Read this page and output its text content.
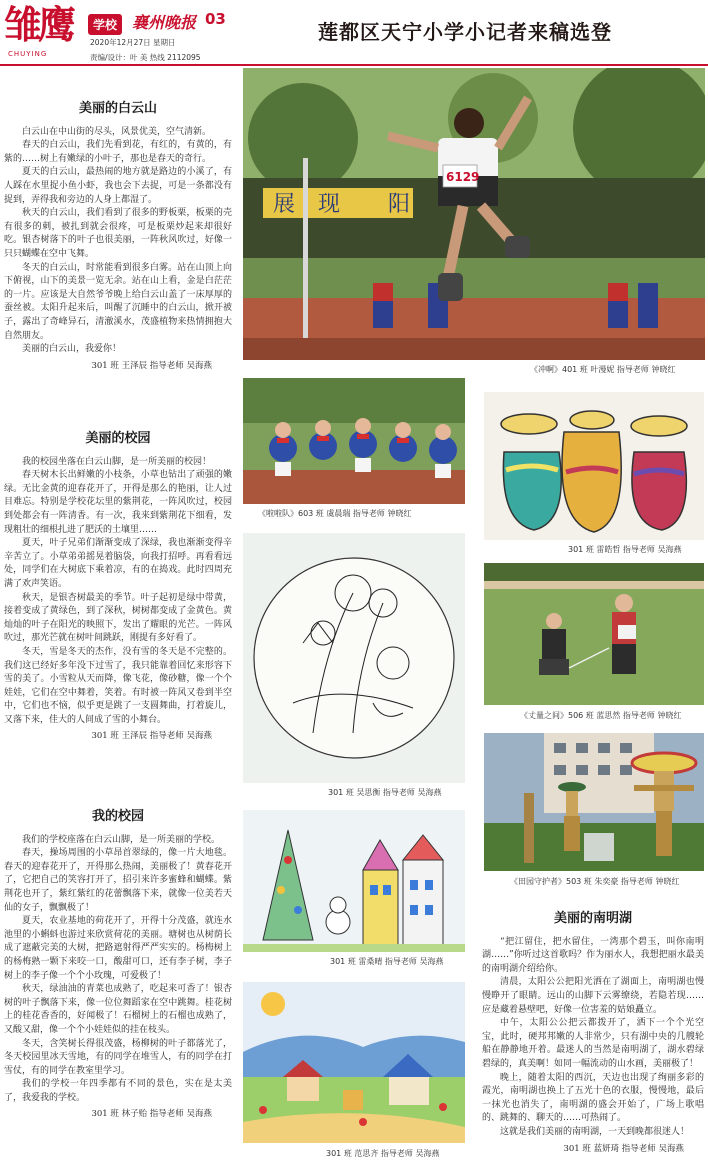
雏鹰
CHUYING
学校 襄州晚报 03
2020年12月27日 星期日
责编/设计：叶 美 热线 2112095
莲都区天宁小学小记者来稿选登
美丽的白云山

白云山在中山街的尽头，风景优美，空气清新。

春天的白云山，我们先看到花，有红的，有黄的，有紫的……树上有嫩绿的小叶子，那也是春天的奇行。

夏天的白云山，最热闹的地方就是路边的小溪了，有人踩在水里捉小鱼小虾，我也会下去捉，可是一条都没有捉到，弄得我和旁边的人身上都湿了。

秋天的白云山，我们看到了很多的野板栗，板栗的壳有很多的刺，被扎到就会很疼，可是板栗炒起来却很好吃。银杏树落下的叶子也很美丽，一阵秋风吹过，好像一只只蝴蝶在空中飞舞。

冬天的白云山，时常能看到很多白雾。站在山顶上向下俯视，山下的美景一览无余。站在山上看，金是白茫茫的一片。应该是大自然爷爷晚上给白云山盖了一床厚厚的蚕丝被。太阳升起来后，叫醒了沉睡中的白云山，掀开被子，露出了奇峰异石，清澈溪水，茂盛植物来热情拥抱大自然朋友。

美丽的白云山，我爱你！

301 班 王泽辰 指导老师 吴海燕
美丽的校园

我的校园坐落在白云山脚，是一所美丽的校园！

春天树木长出鲜嫩的小枝条，小草也钻出了顽强的嫩绿。无比金黄的迎春花开了，开得是那么的艳丽，让人过目难忘。特别是学校花坛里的紫荆花，一阵风吹过，校园到处都会有一阵清香。有一次，我来到紫荆花下细看，发现粗壮的细根扎进了肥沃的土壤里……

夏天，叶子兄弟们渐渐变成了深绿，我也渐渐变得辛辛苦立了。小草弟弟摇晃着脑袋，向我打招呼。再看看远处，同学们在大树底下乘着凉，有的在捣戏。此时四周充满了欢声笑语。

秋天，是银杏树最美的季节。叶子起初是绿中带黄，接着变成了黄绿色，到了深秋，树树都变成了金黄色。黄灿灿的叶子在阳光的映照下，发出了耀眼的光芒。一阵风吹过，那光芒就在树叶间跳跃，刚提有多好看了。

冬天，雪是冬天的杰作，没有雪的冬天是不完整的。我们这已经好多年没下过雪了，我只能靠着回忆来形容下雪的美了。小雪粒从天而降，像飞花，像砂糖，像一个个娃娃，它们在空中舞着，笑着。有时被一阵风又卷到半空中，它们也不恼，似乎更是跳了一支圆舞曲，打着旋儿，又落下来，佳大的人间成了雪的小舞台。

301 班 王泽辰 指导老师 吴海燕
我的校园

我们的学校座落在白云山脚，是一所美丽的学校。

春天，操场周围的小草昂首翠绿的，像一片大地毯。春天的迎春花开了，开得那么热闹，美丽极了！黄春花开了，它把自己的笑容打开了，招引来许多蜜蜂和蝴蝶。紫荆花也开了，紫红紫红的花蕾飘落下来，就像一位美若天仙的女子，飘飘极了！

夏天，农业基地的荷花开了，开得十分茂盛，就连水池里的小蝌蚪也游过来欣赏荷花的美丽。塘树也从树荫长成了遮蔽完美的大树，把路遮射得严严实实的。杨梅树上的杨梅熟一颗下来咬一口，酸甜可口，还有李子树，李子树上的李子像一个个小玫瑰，可爱极了！

秋天，绿油油的青菜也成熟了，吃起来可香了！银杏树的叶子飘落下来，像一位位舞蹈家在空中跳舞。桂花树上的桂花香香的，好闻极了！石榴树上的石榴也成熟了，又酸又甜，像一个个小娃娃似的挂在枝头。

冬天，含笑树长得很茂盛，杨柳树的叶子都落光了，冬天校园里冰天雪地，有的同学在堆雪人，有的同学在打雪仗，有的同学在教室里学习。

我们的学校一年四季都有不同的景色，实在是太美了，我爱我的学校。

301 班 林子贻 指导老师 吴海燕
展 现 阳
6129
《冲啊》401 班 叶漫妮 指导老师 钟晓红
《啦啦队》603 班 虞晨瑞 指导老师 钟晓红
301 班 雷皓哲 指导老师 吴海燕
301 班 吴思衡 指导老师 吴海燕
《丈量之间》506 班 蓝思然 指导老师 钟晓红
301 班 雷桑晴 指导老师 吴海燕
《田园守护者》503 班 朱奕豪 指导老师 钟晓红
301 班 范思齐 指导老师 吴海燕
美丽的南明湖

“把江留住，把水留住，一湾那个碧玉，叫你南明湖……”你听过这首歌吗？作为丽水人，我想把丽水最美的南明湖介绍给你。

清晨，太阳公公把阳光洒在了湖面上，南明湖也慢慢睁开了眼睛。远山的山脚下云雾缭绕，若隐若现……应是藏着悬壁吧，好像一位害羞的姑娘矗立。

中午，太阳公公把云都拨开了，洒下一个个光空宝，此时，硬邦邦嫩的人非常少，只有湖中央的几艘轮船在静静地开着。最迷人的当然是南明湖了，湖水碧绿碧绿的，真美啊！如同一幅流动的山水画，美丽极了！

晚上，随着太阳的西沉，天边也出现了绚丽多彩的霞光，南明湖也换上了五光十色的衣服，慢慢地，最后一抹光也消失了，南明湖的盛会开始了，广场上歌唱的、跳舞的、聊天的……可热闹了。

这就是我们美丽的南明湖，一天到晚都很迷人！

301 班 蓝妍琦 指导老师 吴海燕
